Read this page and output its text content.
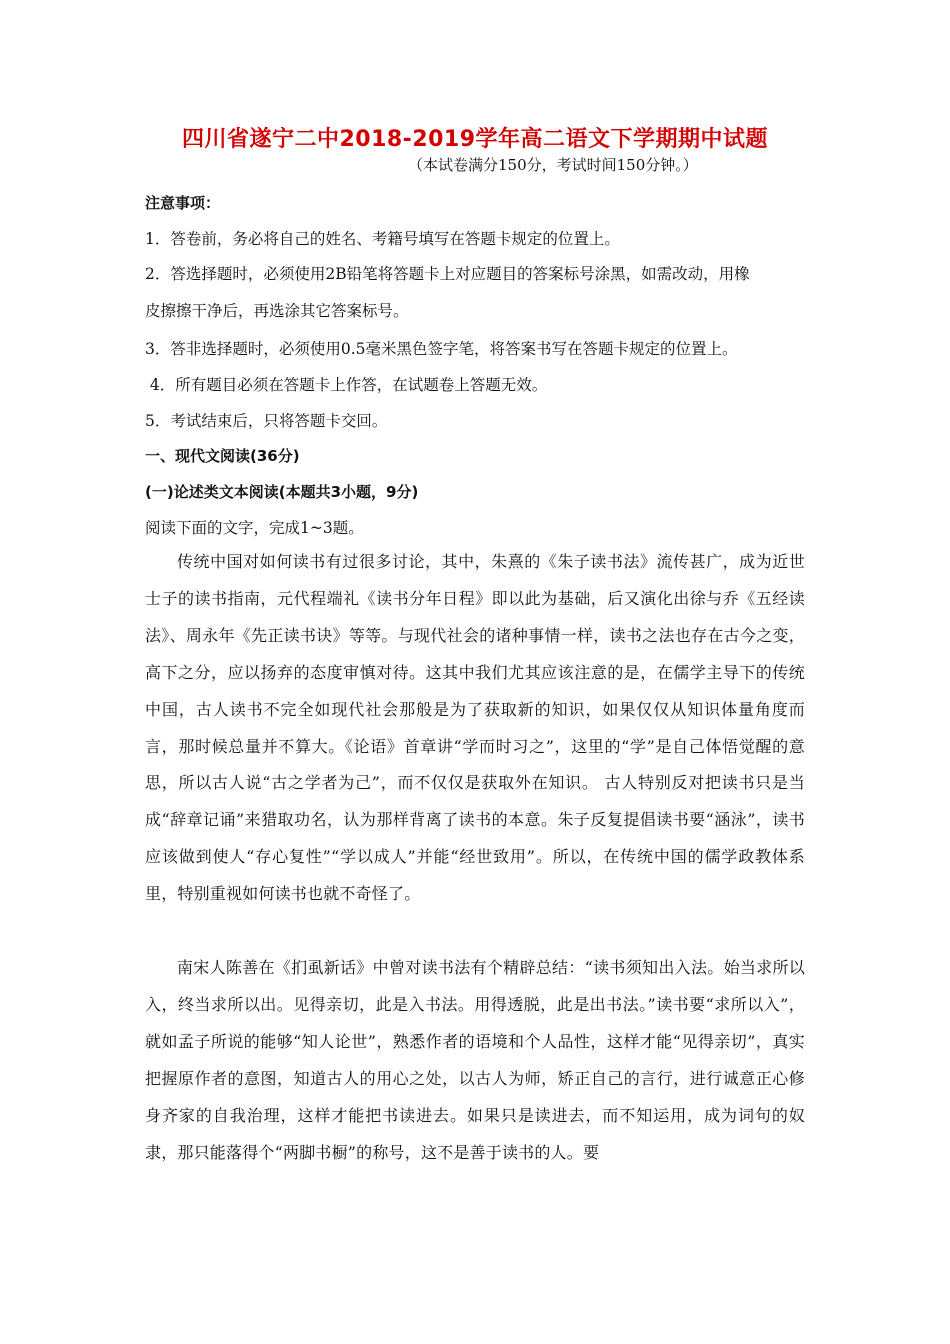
四川省遂宁二中2018-2019学年高二语文下学期期中试题
（本试卷满分150分，考试时间150分钟。）
注意事项：
1．答卷前，务必将自己的姓名、考籍号填写在答题卡规定的位置上。
2．答选择题时，必须使用2B铅笔将答题卡上对应题目的答案标号涂黑，如需改动，用橡
皮擦擦干净后，再选涂其它答案标号。
3．答非选择题时，必须使用0.5毫米黑色签字笔，将答案书写在答题卡规定的位置上。
4．所有题目必须在答题卡上作答，在试题卷上答题无效。
5．考试结束后，只将答题卡交回。
一、现代文阅读(36分)
(一)论述类文本阅读(本题共3小题，9分)
阅读下面的文字，完成1~3题。
传统中国对如何读书有过很多讨论，其中，朱熹的《朱子读书法》流传甚广，成为近世士子的读书指南，元代程端礼《读书分年日程》即以此为基础，后又演化出徐与乔《五经读法》、周永年《先正读书诀》等等。与现代社会的诸种事情一样，读书之法也存在古今之变，高下之分，应以扬弃的态度审慎对待。这其中我们尤其应该注意的是，在儒学主导下的传统中国，古人读书不完全如现代社会那般是为了获取新的知识，如果仅仅从知识体量角度而言，那时候总量并不算大。《论语》首章讲“学而时习之”，这里的“学”是自己体悟觉醒的意思，所以古人说“古之学者为己”，而不仅仅是获取外在知识。 古人特别反对把读书只是当成“辞章记诵”来猎取功名，认为那样背离了读书的本意。朱子反复提倡读书要“涵泳”，读书应该做到使人“存心复性”“学以成人”并能“经世致用”。所以，在传统中国的儒学政教体系里，特别重视如何读书也就不奇怪了。
南宋人陈善在《扪虱新话》中曾对读书法有个精辟总结：“读书须知出入法。始当求所以入，终当求所以出。见得亲切，此是入书法。用得透脱，此是出书法。”读书要“求所以入”，就如孟子所说的能够“知人论世”，熟悉作者的语境和个人品性，这样才能“见得亲切”，真实把握原作者的意图，知道古人的用心之处，以古人为师，矫正自己的言行，进行诚意正心修身齐家的自我治理，这样才能把书读进去。如果只是读进去，而不知运用，成为词句的奴隶，那只能落得个“两脚书橱”的称号，这不是善于读书的人。要
